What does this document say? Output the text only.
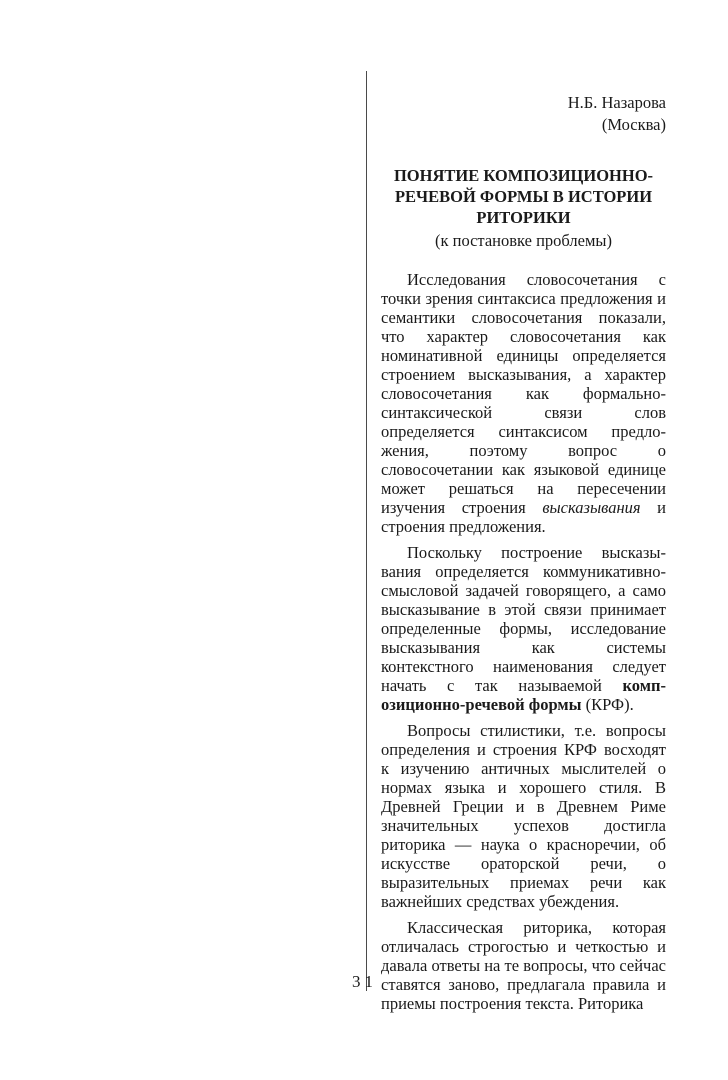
Н.Б. Назарова

(Москва)

ПОНЯТИЕ КОМПОЗИЦИОННО-

РЕЧЕВОЙ ФОРМЫ В ИСТОРИИ

РИТОРИКИ

(к постановке проблемы)

Исследования словосочетания с точки зрения синтаксиса предложения и семантики словосочетания показали, что характер словосочетания как номинативной единицы определяется строением высказывания, а характер словосочетания как формально-синтаксической связи слов определяется синтаксисом предложения, поэтому вопрос о словосочетании как языковой единице может решаться на пересечении изучения строения высказывания и строения предложения.

Поскольку построение высказывания определяется коммуникативно-смысловой задачей говорящего, а само высказывание в этой связи принимает определенные формы, исследование высказывания как системы контекстного наименования следует начать с так называемой композиционно-речевой формы (КРФ).

Вопросы стилистики, т.е. вопросы определения и строения КРФ восходят к изучению античных мыслителей о нормах языка и хорошего стиля. В Древней Греции и в Древнем Риме значительных успехов достигла риторика — наука о красноречии, об искусстве ораторской речи, о выразительных приемах речи как важнейших средствах убеждения.

Классическая риторика, которая отличалась строгостью и четкостью и давала ответы на те вопросы, что сейчас ставятся заново, предлагала правила и приемы построения текста. Риторика

31
